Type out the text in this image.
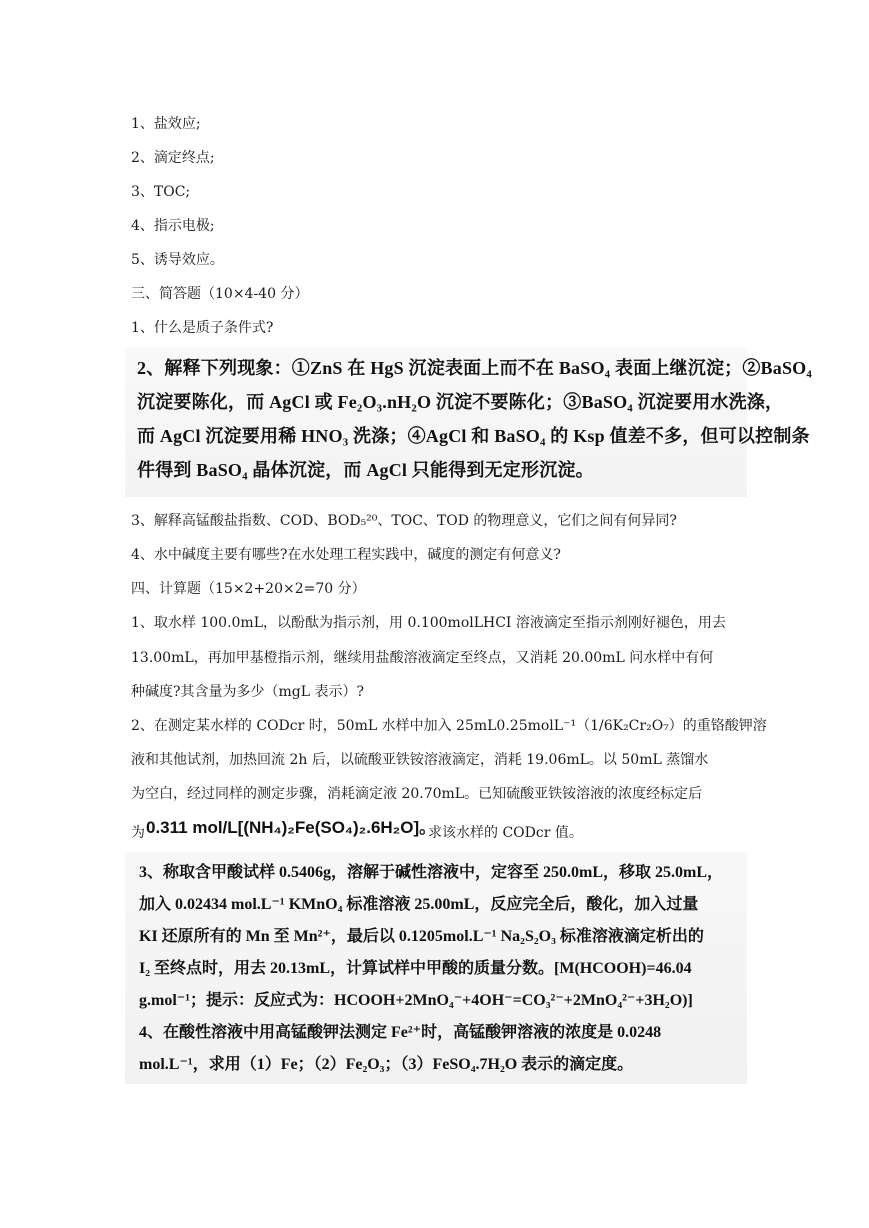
1、盐效应;
2、滴定终点;
3、TOC;
4、指示电极;
5、诱导效应。
三、简答题（10×4-40 分）
1、什么是质子条件式?
2、解释下列现象：①ZnS 在 HgS 沉淀表面上而不在 BaSO₄ 表面上继沉淀；②BaSO₄
沉淀要陈化，而 AgCl 或 Fe₂O₃.nH₂O 沉淀不要陈化；③BaSO₄ 沉淀要用水洗涤，
而 AgCl 沉淀要用稀 HNO₃ 洗涤；④AgCl 和 BaSO₄ 的 Ksp 值差不多，但可以控制条
件得到 BaSO₄ 晶体沉淀，而 AgCl 只能得到无定形沉淀。
3、解释高锰酸盐指数、COD、BOD₅²⁰、TOC、TOD 的物理意义，它们之间有何异同?
4、水中碱度主要有哪些?在水处理工程实践中，碱度的测定有何意义?
四、计算题（15×2+20×2=70 分）
1、取水样 100.0mL，以酚酞为指示剂，用 0.100molLHCI 溶液滴定至指示剂刚好褪色，用去
13.00mL，再加甲基橙指示剂，继续用盐酸溶液滴定至终点，又消耗 20.00mL 问水样中有何
种碱度?其含量为多少（mgL 表示）?
2、在测定某水样的 CODcr 时，50mL 水样中加入 25mL0.25molL⁻¹（1/6K₂Cr₂O₇）的重铬酸钾溶
液和其他试剂，加热回流 2h 后，以硫酸亚铁铵溶液滴定，消耗 19.06mL。以 50mL 蒸馏水
为空白，经过同样的测定步骤，消耗滴定液 20.70mL。已知硫酸亚铁铵溶液的浓度经标定后
为 0.311 mol/L[(NH₄)₂Fe(SO₄)₂.6H₂O]。
求该水样的 CODcr 值。
3、称取含甲酸试样 0.5406g，溶解于碱性溶液中，定容至 250.0mL，移取 25.0mL，
加入 0.02434 mol.L⁻¹ KMnO₄ 标准溶液 25.00mL，反应完全后，酸化，加入过量
KI 还原所有的 Mn 至 Mn²⁺，最后以 0.1205mol.L⁻¹ Na₂S₂O₃ 标准溶液滴定析出的
I₂ 至终点时，用去 20.13mL，计算试样中甲酸的质量分数。[M(HCOOH)=46.04
g.mol⁻¹；提示：反应式为：HCOOH+2MnO₄⁻+4OH⁻=CO₃²⁻+2MnO₄²⁻+3H₂O)]
4、在酸性溶液中用高锰酸钾法测定 Fe²⁺时，高锰酸钾溶液的浓度是 0.0248
mol.L⁻¹，求用（1）Fe；（2）Fe₂O₃；（3）FeSO₄.7H₂O 表示的滴定度。
